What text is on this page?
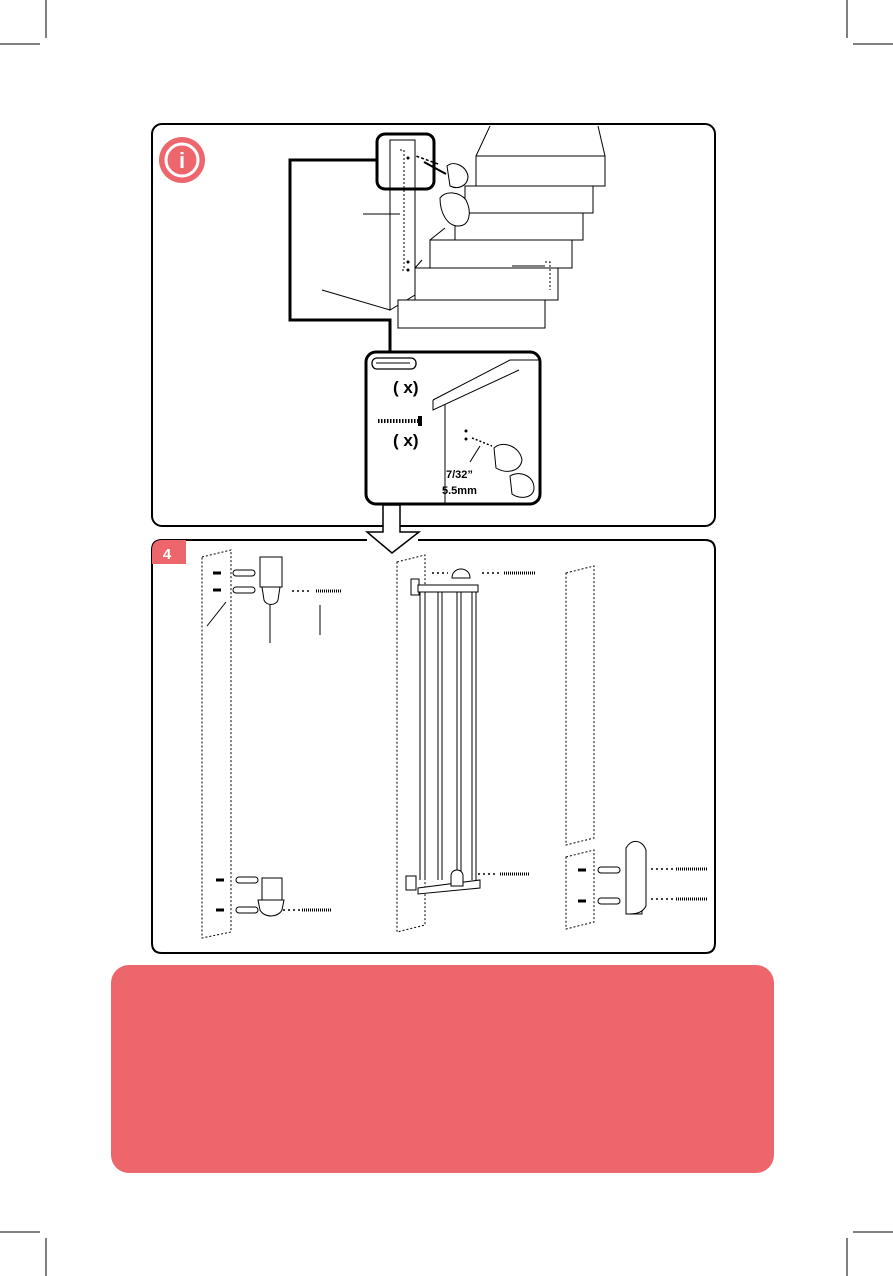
i
( x)
( x)
7/32”
5.5mm
4
